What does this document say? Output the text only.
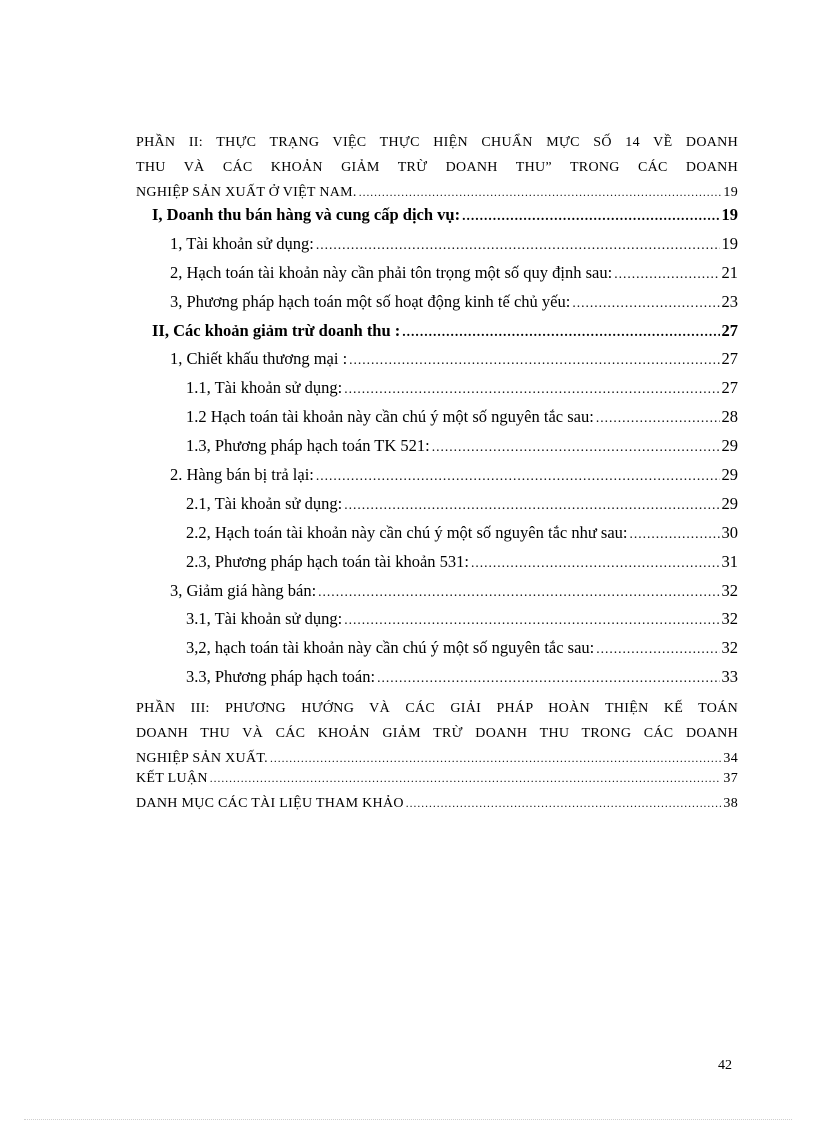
PHẦN II: THỰC TRẠNG VIỆC THỰC HIỆN CHUẨN MỰC SỐ 14 VỀ DOANH
THU VÀ CÁC KHOẢN GIẢM TRỪ DOANH THU” TRONG CÁC DOANH
NGHIỆP SẢN XUẤT Ở VIỆT NAM. .....	19
I, Doanh thu bán hàng và cung cấp dịch vụ: .....	19
1, Tài khoản sử dụng: .....	19
2, Hạch toán tài khoản này cần phải tôn trọng một số quy định sau: .....	21
3, Phương pháp hạch toán một số hoạt động kinh tế chủ yếu: .....	23
II, Các khoản giảm trừ doanh thu : .....	27
1, Chiết khấu thương mại : .....	27
1.1, Tài khoản sử dụng: .....	27
1.2 Hạch toán tài khoản này cần chú ý một số nguyên tắc sau: .....	28
1.3, Phương pháp hạch toán TK 521: .....	29
2. Hàng bán bị trả lại: .....	29
2.1, Tài khoản sử dụng: .....	29
2.2, Hạch toán tài khoản này cần chú ý một số nguyên tắc như sau: .....	30
2.3, Phương pháp hạch toán tài khoản 531: .....	31
3, Giảm giá hàng bán: .....	32
3.1, Tài khoản sử dụng: .....	32
3,2, hạch toán tài khoản này cần chú ý một số nguyên tắc sau: .....	32
3.3, Phương pháp hạch toán: .....	33
PHẦN III: PHƯƠNG HƯỚNG VÀ CÁC GIẢI PHÁP HOÀN THIỆN KẾ TOÁN
DOANH THU VÀ CÁC KHOẢN GIẢM TRỪ DOANH THU TRONG CÁC DOANH
NGHIỆP SẢN XUẤT. .....	34
KẾT LUẬN .....	37
DANH MỤC CÁC TÀI LIỆU THAM KHẢO .....	38
42
